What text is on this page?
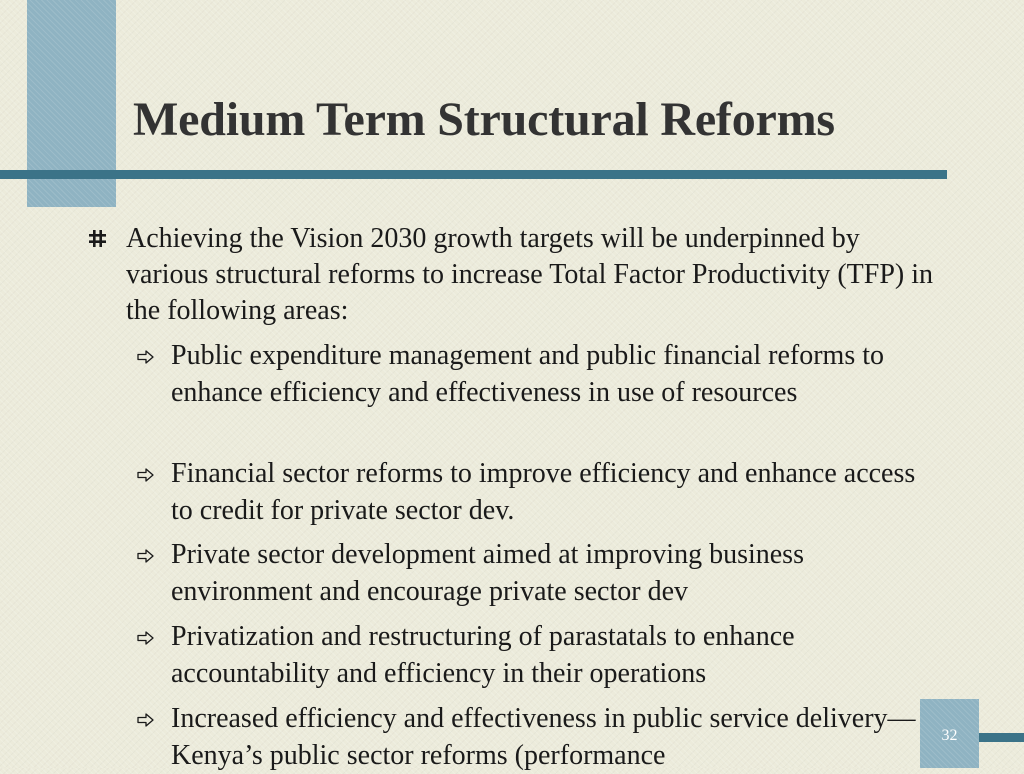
Medium Term Structural Reforms

Achieving the Vision 2030 growth targets will be underpinned by various structural reforms to increase Total Factor Productivity (TFP) in the following areas:

Public expenditure management and public financial reforms to enhance efficiency and effectiveness in use of resources

Financial sector reforms to improve efficiency and enhance access to credit for private sector dev.

Private sector development aimed at improving business environment and encourage private sector dev

Privatization and restructuring of parastatals to enhance accountability and efficiency in their operations

Increased efficiency and effectiveness in public service delivery—Kenya’s public sector reforms (performance

32
